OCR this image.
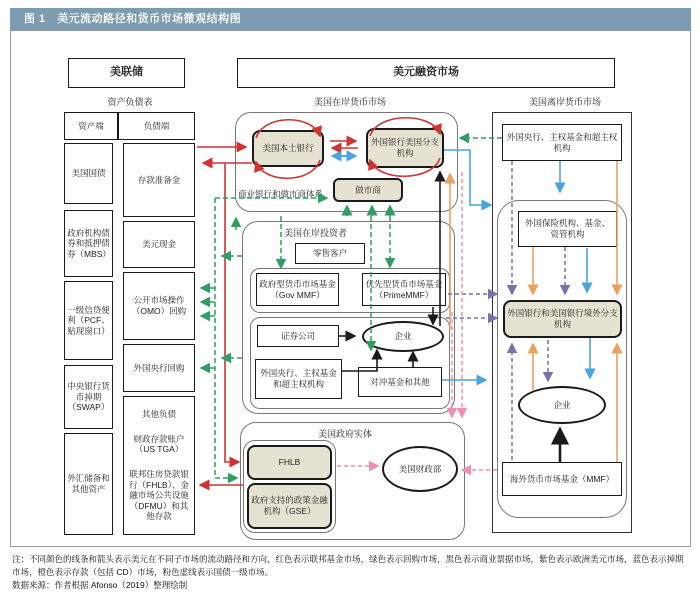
图 1　美元流动路径和货币市场微观结构图
美联储	美元融资市场
资产负债表	美国在岸货币市场	美国离岸货币市场
资产端	负债端
美国国债
政府机构债券和抵押债券（MBS）
一级信贷便利（PCF、贴现窗口）
中央银行货币掉期（SWAP）
外汇储备和其他资产
存款准备金
美元现金
公开市场操作（OMO）回购
外国央行回购
其他负债
财政存款账户（US TGA）
联邦住房贷款银行（FHLB）、金融市场公共设施（DFMU）和其他存款
商业银行和做市商体系
美国本土银行
外国银行美国分支机构
做市商
美国在岸投资者
零售客户
政府型货币市场基金（Gov MMF）
优先型货币市场基金（PrimeMMF）
证券公司	企业
外国央行、主权基金和超主权机构	对冲基金和其他
美国政府实体
FHLB
政府支持的政策金融机构（GSE）
美国财政部
外国央行、主权基金和超主权机构
外国保险机构、基金、资管机构
外国银行和美国银行境外分支机构
企业
海外货币市场基金（MMF）
注：不同颜色的线条和箭头表示美元在不同子市场的流动路径和方向，红色表示联邦基金市场，绿色表示回购市场，黑色表示商业票据市场，紫色表示欧洲美元市场，蓝色表示掉期市场，橙色表示存款（包括 CD）市场，粉色虚线表示国债一级市场。
数据来源：作者根据 Afonso（2019）整理绘制
